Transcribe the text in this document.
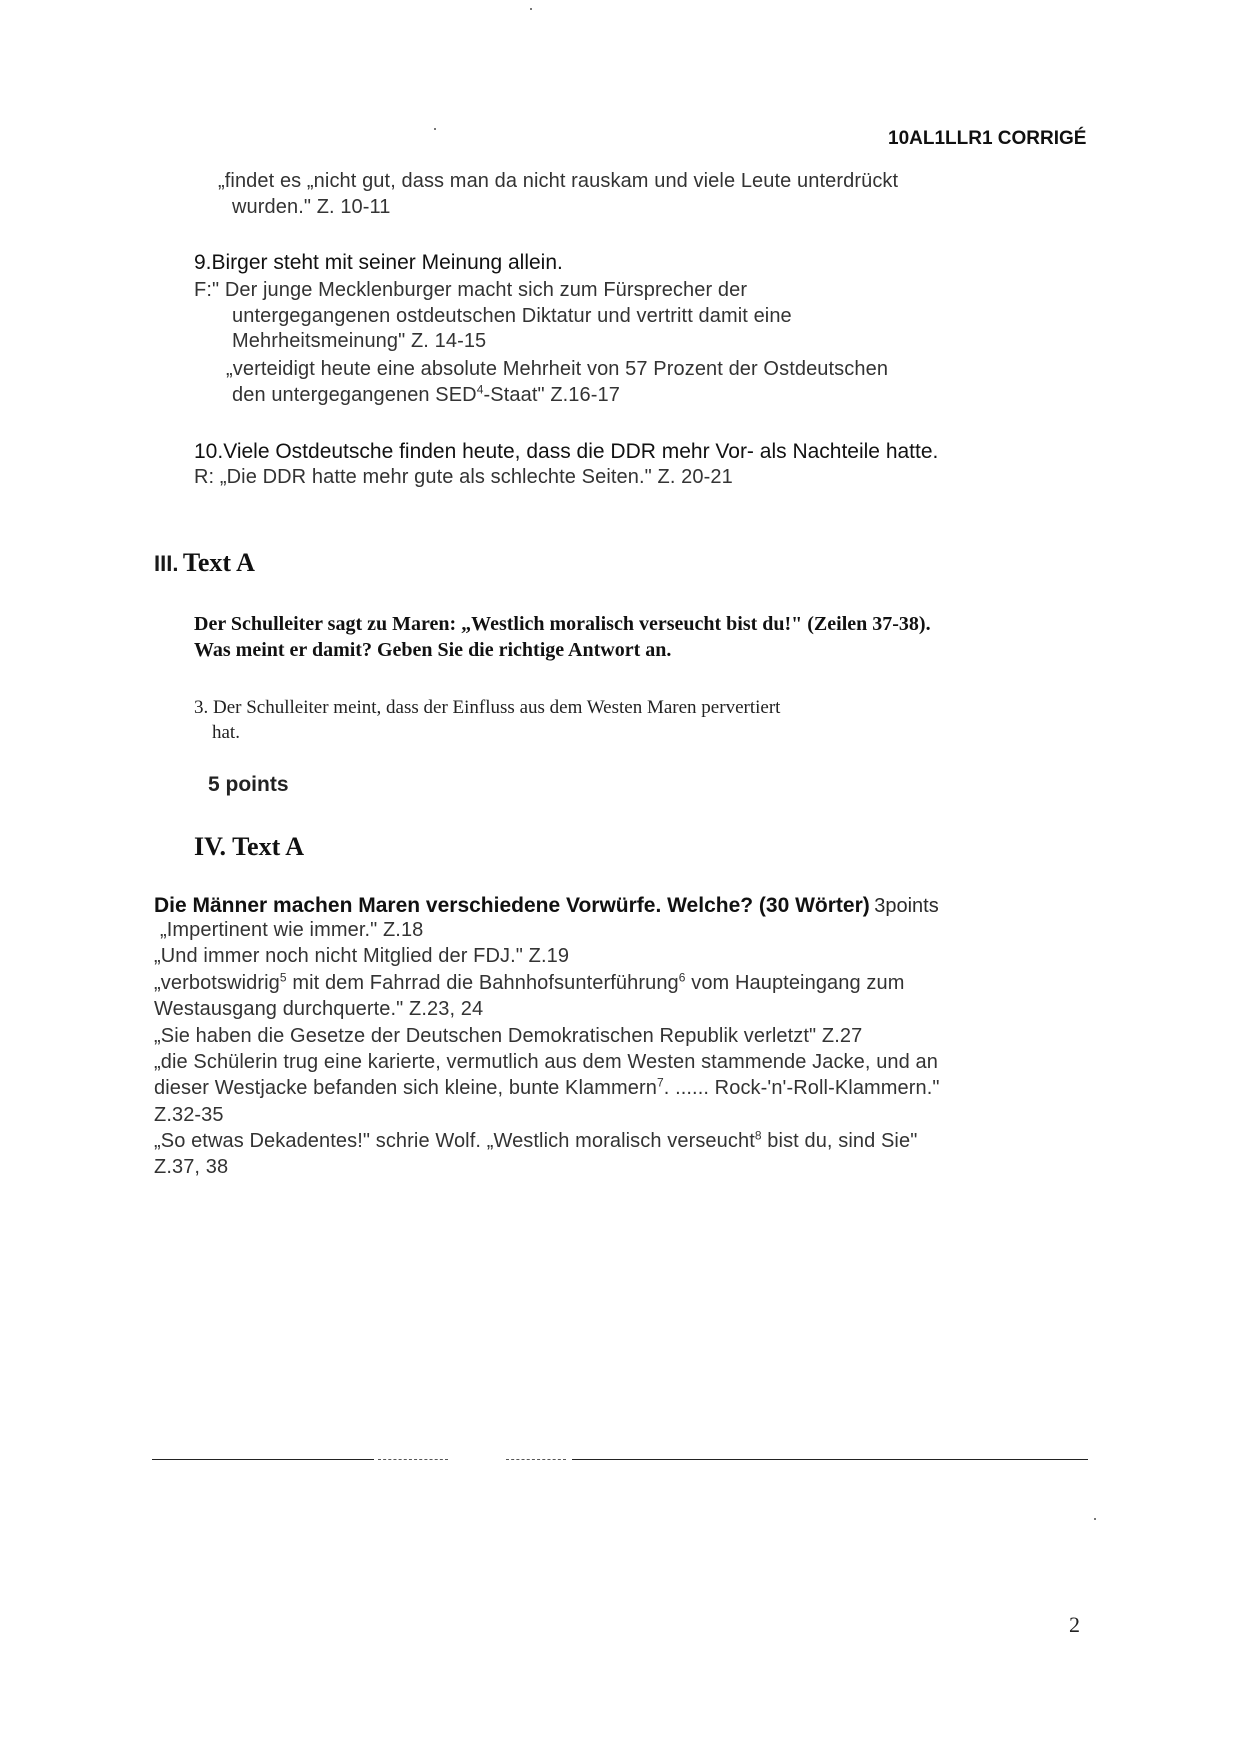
10AL1LLR1 CORRIGÉ
„findet es „nicht gut, dass man da nicht rauskam und viele Leute unterdrückt
wurden." Z. 10-11
9.Birger steht mit seiner Meinung allein.
F:" Der junge Mecklenburger macht sich zum Fürsprecher der
untergegangenen ostdeutschen Diktatur und vertritt damit eine
Mehrheitsmeinung" Z. 14-15
„verteidigt heute eine absolute Mehrheit von 57 Prozent der Ostdeutschen
den untergegangenen SED$^4$-Staat" Z.16-17
10.Viele Ostdeutsche finden heute, dass die DDR mehr Vor- als Nachteile hatte.
R: „Die DDR hatte mehr gute als schlechte Seiten." Z. 20-21
III. Text A
Der Schulleiter sagt zu Maren: „Westlich moralisch verseucht bist du!" (Zeilen 37-38).
Was meint er damit? Geben Sie die richtige Antwort an.
3. Der Schulleiter meint, dass der Einfluss aus dem Westen Maren pervertiert
hat.
5 points
IV. Text A
Die Männer machen Maren verschiedene Vorwürfe. Welche? (30 Wörter) 3points
„Impertinent wie immer." Z.18
„Und immer noch nicht Mitglied der FDJ." Z.19
„verbotswidrig$^5$ mit dem Fahrrad die Bahnhofsunterführung$^6$ vom Haupteingang zum
Westausgang durchquerte." Z.23, 24
„Sie haben die Gesetze der Deutschen Demokratischen Republik verletzt" Z.27
„die Schülerin trug eine karierte, vermutlich aus dem Westen stammende Jacke, und an
dieser Westjacke befanden sich kleine, bunte Klammern$^7$. ...... Rock-'n'-Roll-Klammern."
Z.32-35
„So etwas Dekadentes!" schrie Wolf. „Westlich moralisch verseucht$^8$ bist du, sind Sie"
Z.37, 38
2
